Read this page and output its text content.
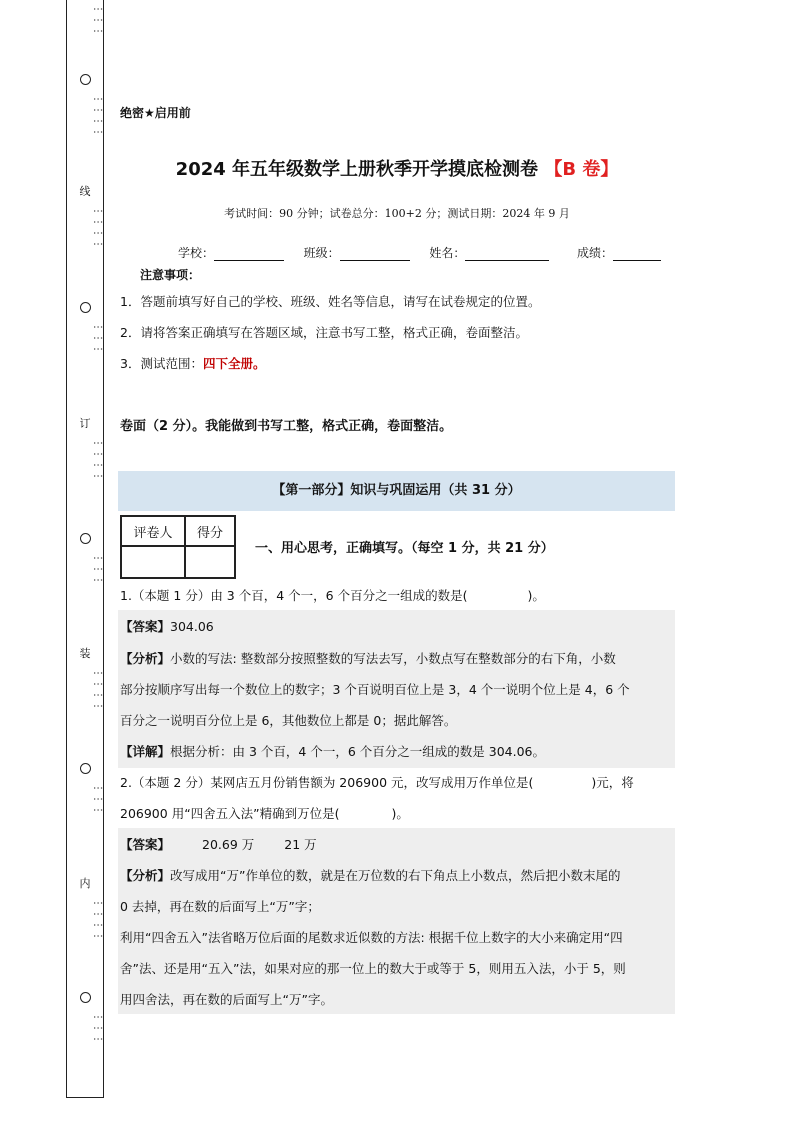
⋮⋮⋮
⋮⋮⋮⋮
线
⋮⋮⋮⋮
⋮⋮⋮
订
⋮⋮⋮⋮
⋮⋮⋮
装
⋮⋮⋮⋮
⋮⋮⋮
内
⋮⋮⋮⋮
⋮⋮⋮
绝密★启用前
2024 年五年级数学上册秋季开学摸底检测卷 【B 卷】
考试时间：90 分钟；试卷总分：100+2 分；测试日期：2024 年 9 月
学校：	班级：	姓名：	成绩：
注意事项：
1．答题前填写好自己的学校、班级、姓名等信息，请写在试卷规定的位置。
2．请将答案正确填写在答题区域，注意书写工整，格式正确，卷面整洁。
3．测试范围：四下全册。
卷面（2 分）。我能做到书写工整，格式正确，卷面整洁。
【第一部分】知识与巩固运用（共 31 分）
评卷人	得分

一、用心思考，正确填写。（每空 1 分，共 21 分）
1.（本题 1 分）由 3 个百，4 个一，6 个百分之一组成的数是(	)。
【答案】304.06
【分析】小数的写法: 整数部分按照整数的写法去写，小数点写在整数部分的右下角，小数
部分按顺序写出每一个数位上的数字；3 个百说明百位上是 3，4 个一说明个位上是 4，6 个
百分之一说明百分位上是 6，其他数位上都是 0；据此解答。
【详解】根据分析：由 3 个百，4 个一，6 个百分之一组成的数是 304.06。
2.（本题 2 分）某网店五月份销售额为 206900 元，改写成用万作单位是(	)元，将
206900 用“四舍五入法”精确到万位是(	)。
【答案】	20.69 万 21 万
【分析】改写成用“万”作单位的数，就是在万位数的右下角点上小数点，然后把小数末尾的
0 去掉，再在数的后面写上“万”字；
利用“四舍五入”法省略万位后面的尾数求近似数的方法: 根据千位上数字的大小来确定用“四
舍”法、还是用“五入”法，如果对应的那一位上的数大于或等于 5，则用五入法，小于 5，则
用四舍法，再在数的后面写上“万”字。
